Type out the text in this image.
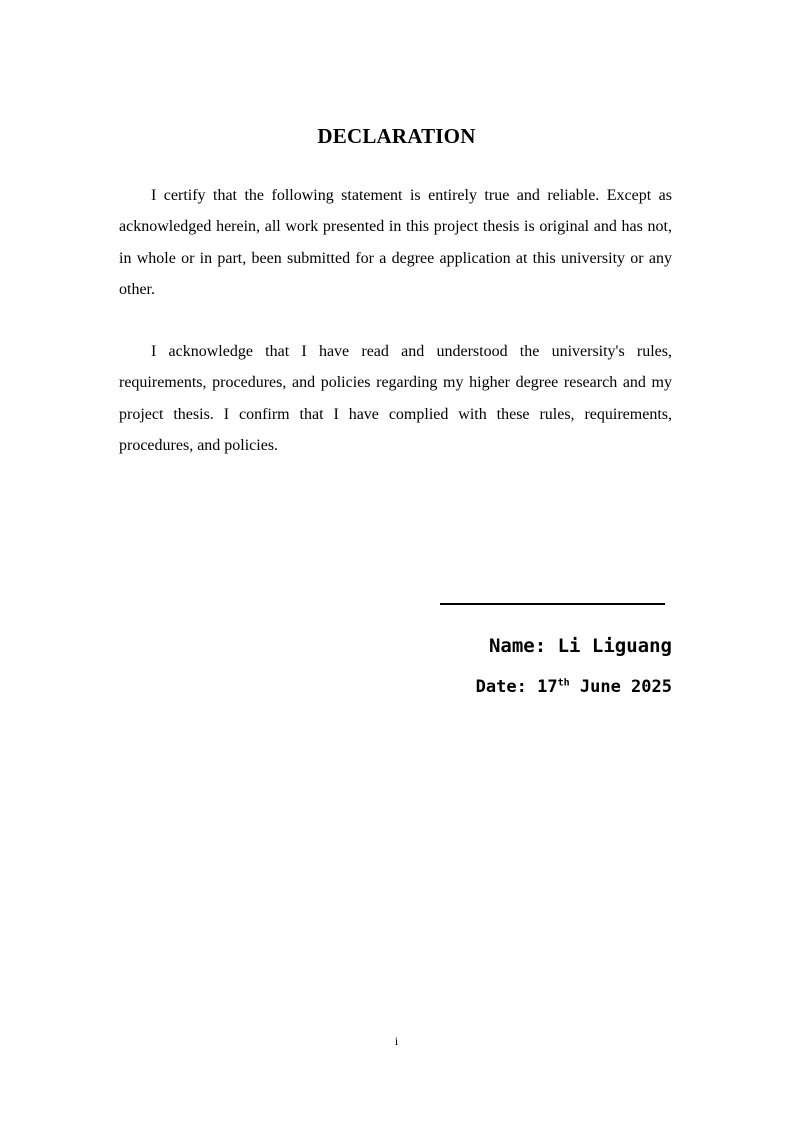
DECLARATION
I certify that the following statement is entirely true and reliable. Except as acknowledged herein, all work presented in this project thesis is original and has not, in whole or in part, been submitted for a degree application at this university or any other.
I acknowledge that I have read and understood the university's rules, requirements, procedures, and policies regarding my higher degree research and my project thesis. I confirm that I have complied with these rules, requirements, procedures, and policies.
Name: Li Liguang
Date: 17th June 2025
i
